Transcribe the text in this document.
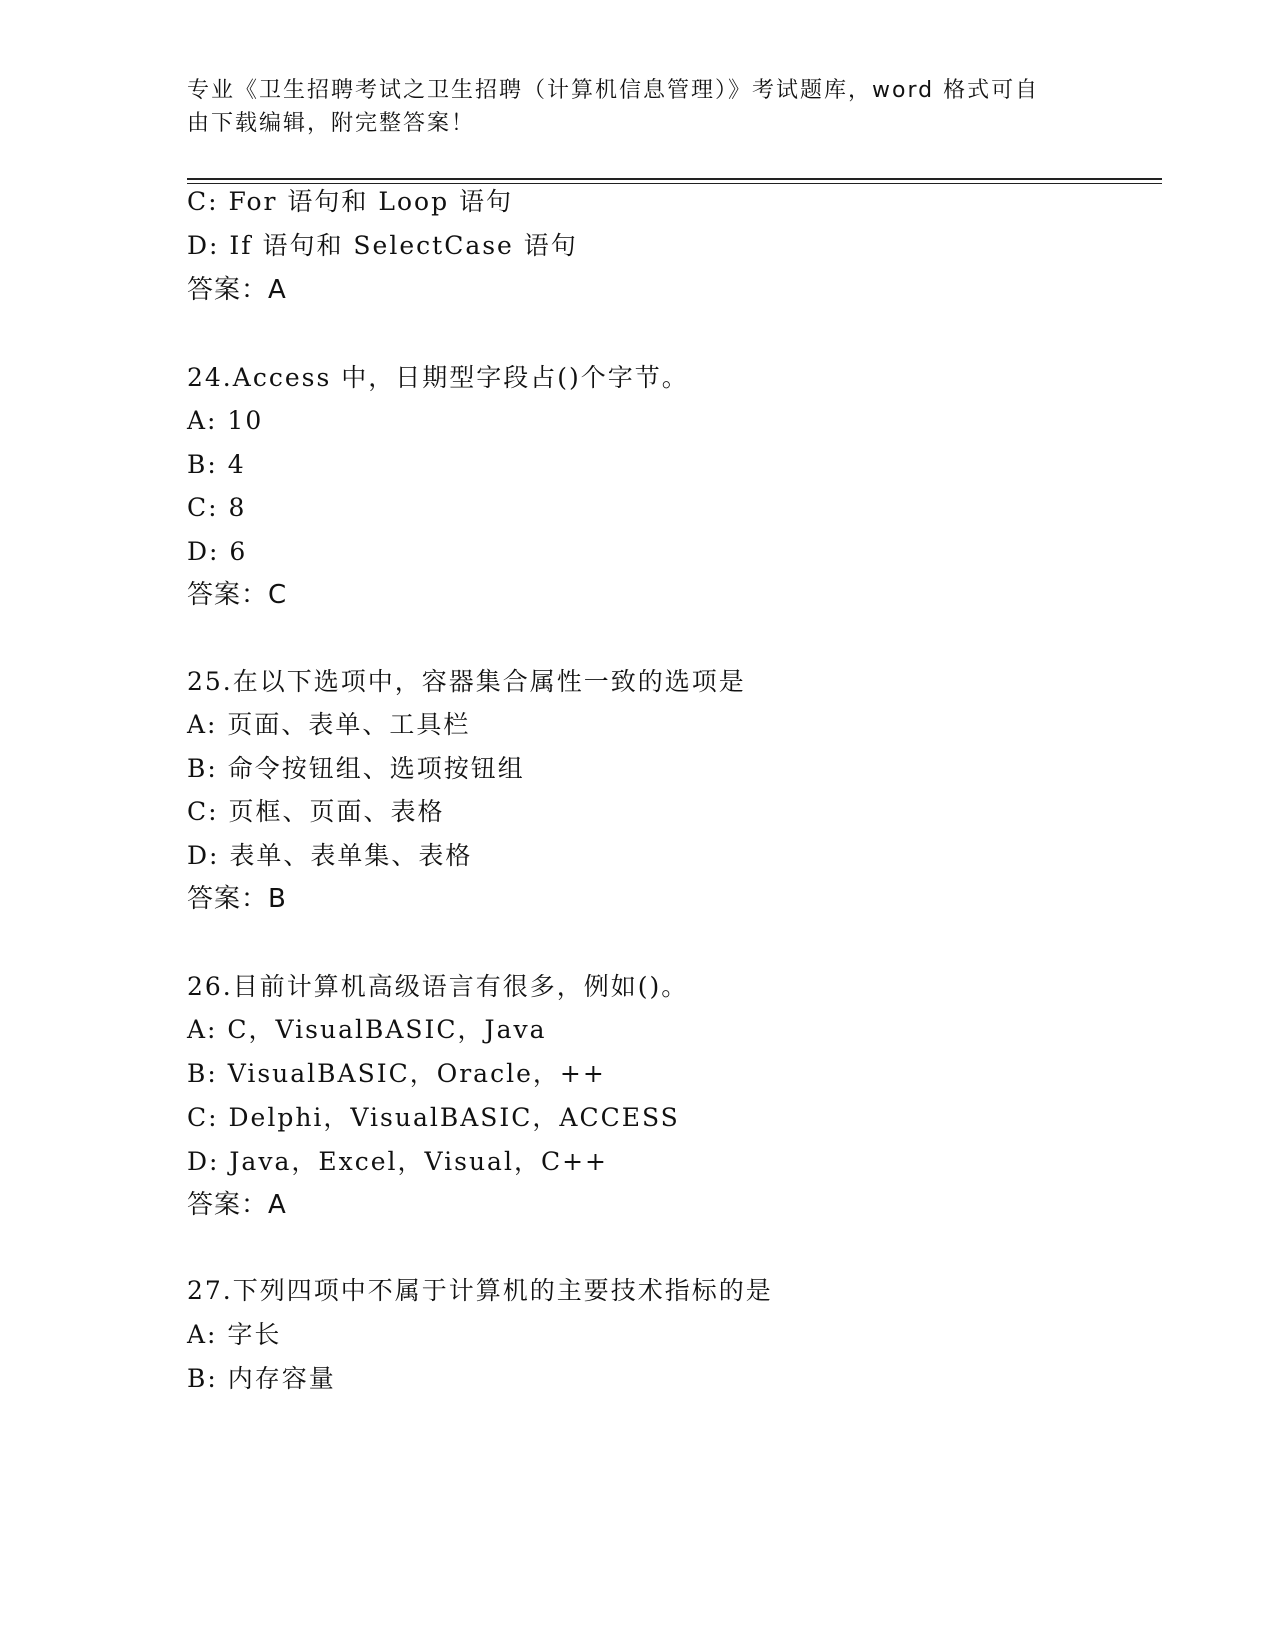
专业《卫生招聘考试之卫生招聘（计算机信息管理）》考试题库，word 格式可自
由下载编辑，附完整答案！
C: For 语句和 Loop 语句
D: If 语句和 SelectCase 语句
答案：A
24.Access 中，日期型字段占()个字节。
A: 10
B: 4
C: 8
D: 6
答案：C
25.在以下选项中，容器集合属性一致的选项是
A: 页面、表单、工具栏
B: 命令按钮组、选项按钮组
C: 页框、页面、表格
D: 表单、表单集、表格
答案：B
26.目前计算机高级语言有很多，例如()。
A: C，VisualBASIC，Java
B: VisualBASIC，Oracle，++
C: Delphi，VisualBASIC，ACCESS
D: Java，Excel，Visual，C++
答案：A
27.下列四项中不属于计算机的主要技术指标的是
A: 字长
B: 内存容量
